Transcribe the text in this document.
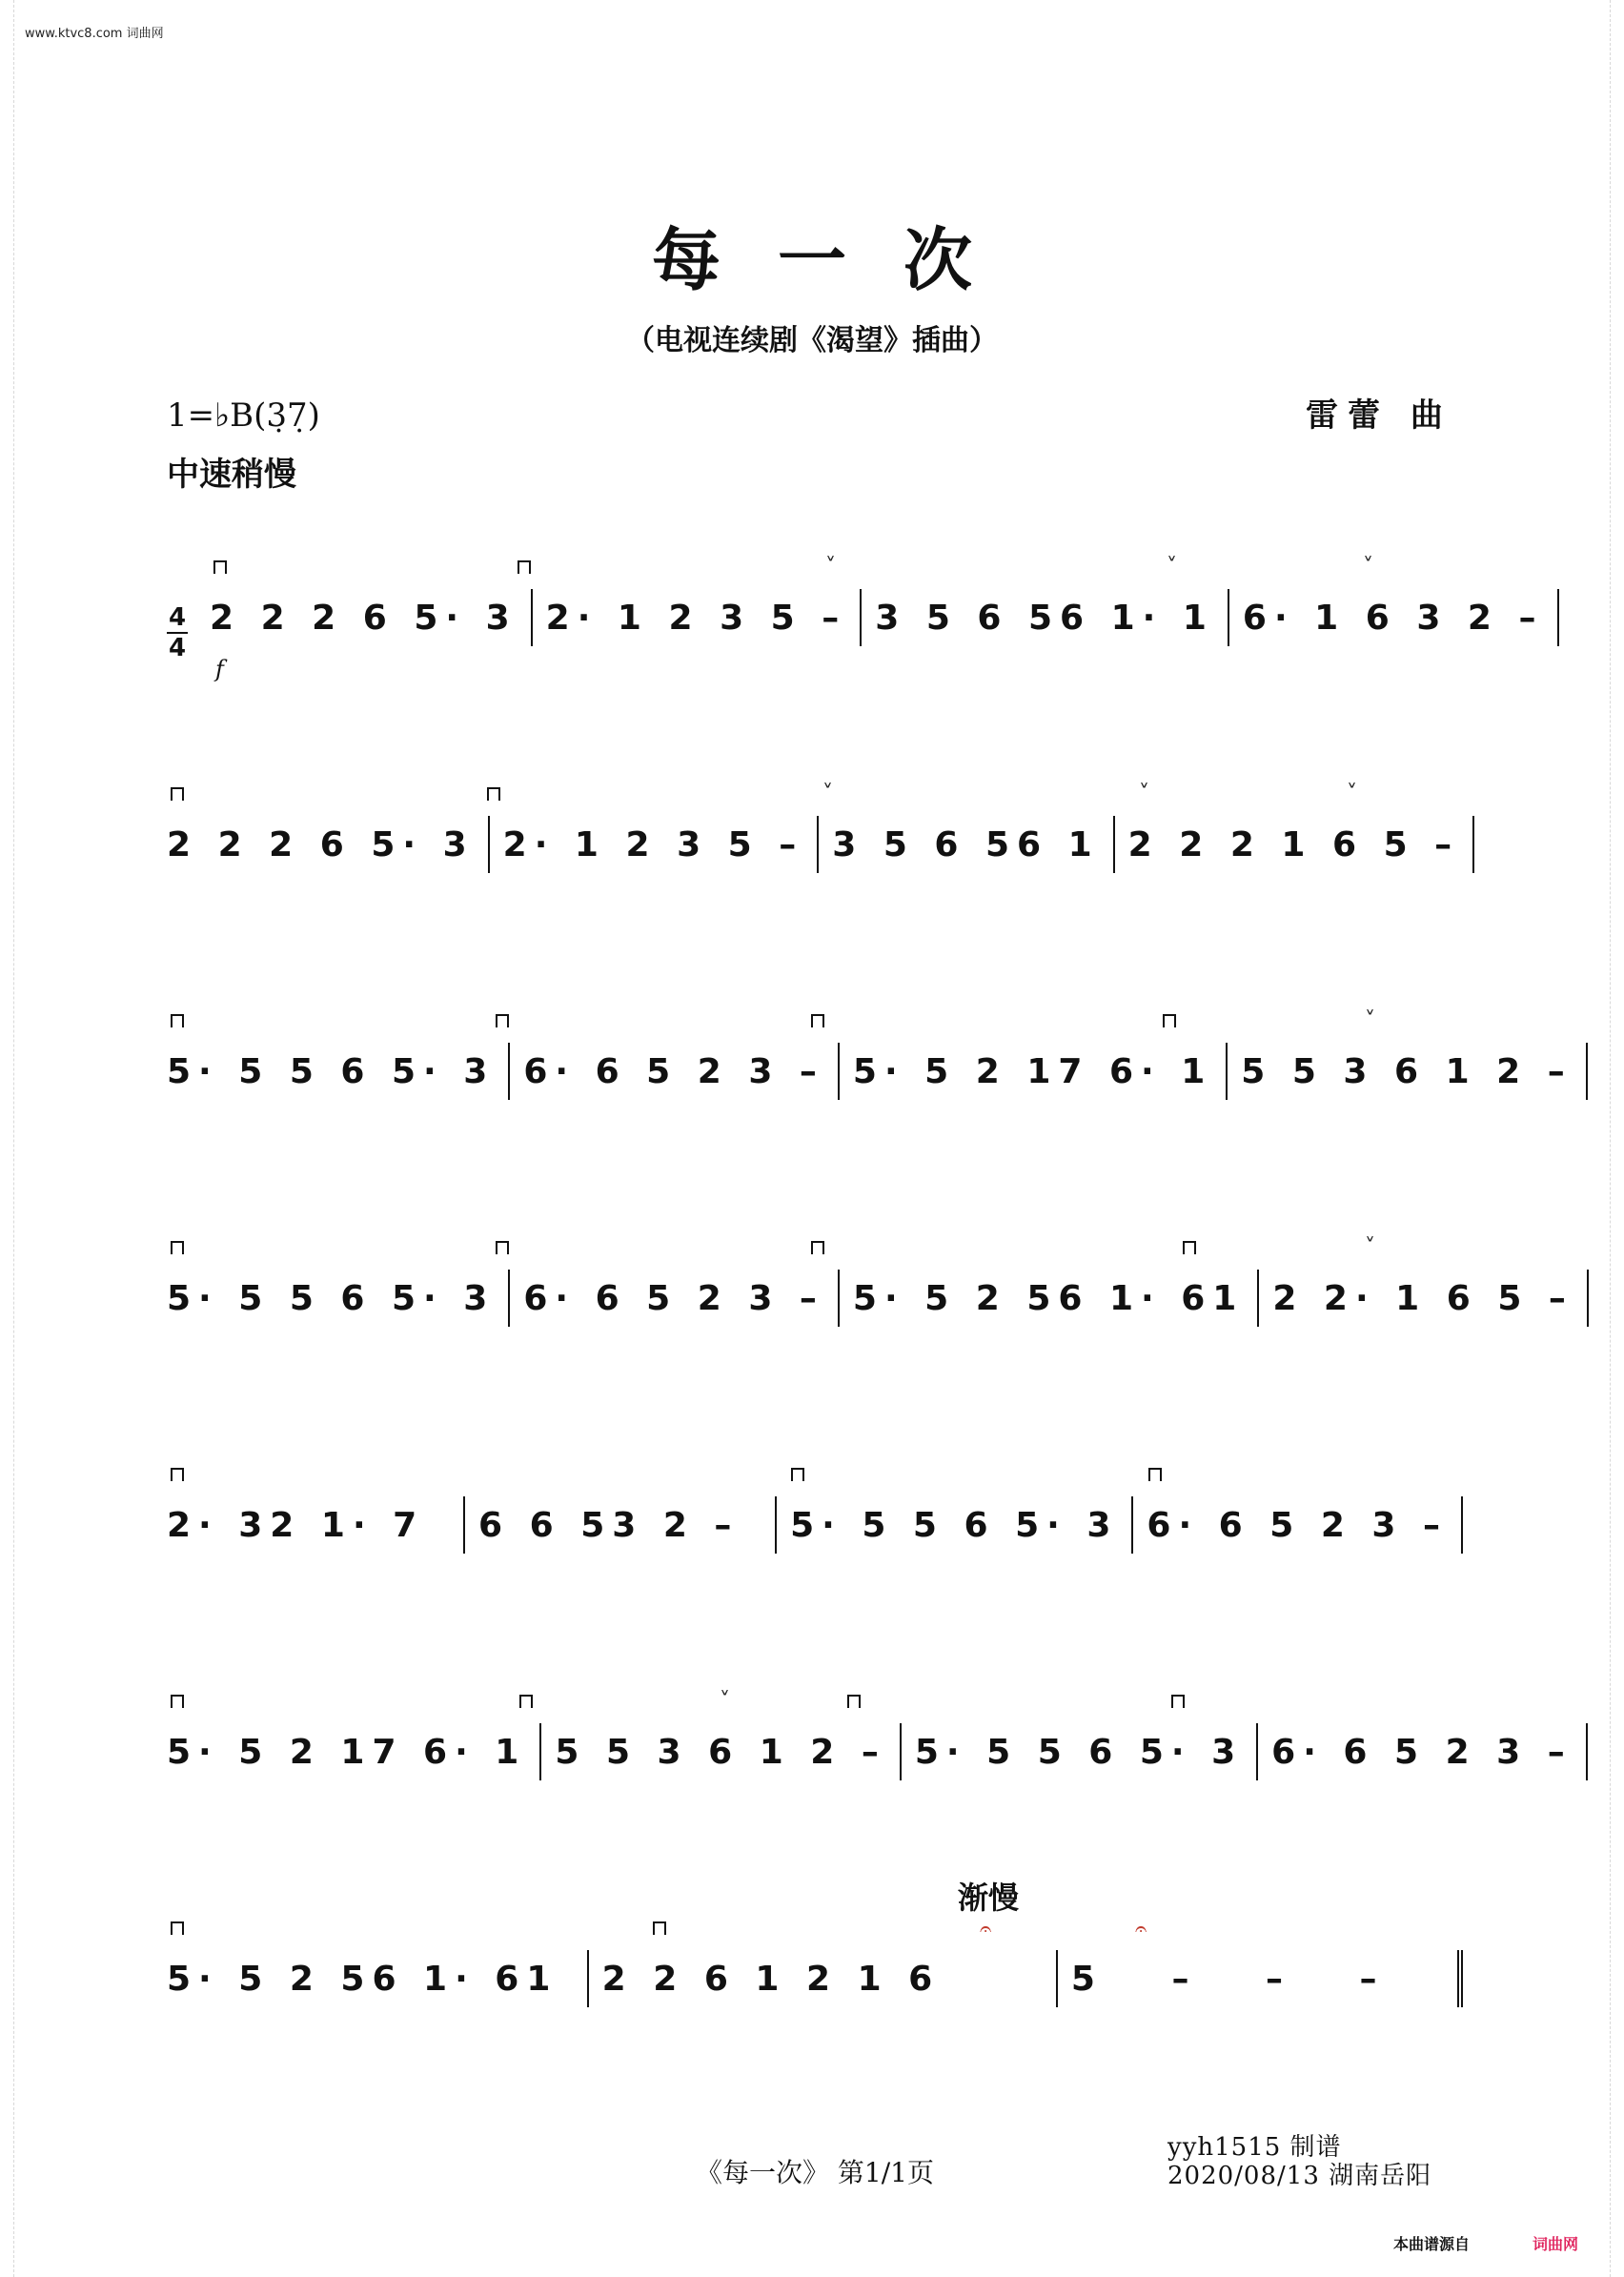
www.ktvc8.com 词曲网
每一次
（电视连续剧《渴望》插曲）
1=♭B(3̣7̣)
中速稍慢
雷蕾 曲
4
4
f
˅	˅	˅
2 2 2 6 5· 3 2· 1 2 3 5 – 3 5 6 56 1· 1 6· 1 6 3 2 –
˅	˅	˅
2 2 2 6 5· 3 2· 1 2 3 5 – 3 5 6 56 1 2 2 2 1 6 5 –
˅
5· 5 5 6 5· 3 6· 6 5 2 3 – 5· 5 2 17 6· 1 5 5 3 6 1 2 –
˅
5· 5 5 6 5· 3 6· 6 5 2 3 – 5· 5 2 56 1· 61 2 2· 1 6 5 –
2· 32 1· 7	6 6 53 2 –	5· 5 5 6 5· 3 6· 6 5 2 3 –
˅
5· 5 2 17 6· 1 5 5 3 6 1 2 – 5· 5 5 6 5· 3 6· 6 5 2 3 –
渐慢
𝄐	𝄐
5· 5 2 56 1· 61	2 2 6 1 2 1 6	5 – – –
《每一次》 第1/1页
yyh1515 制谱
2020/08/13 湖南岳阳
本曲谱源自	词曲网
